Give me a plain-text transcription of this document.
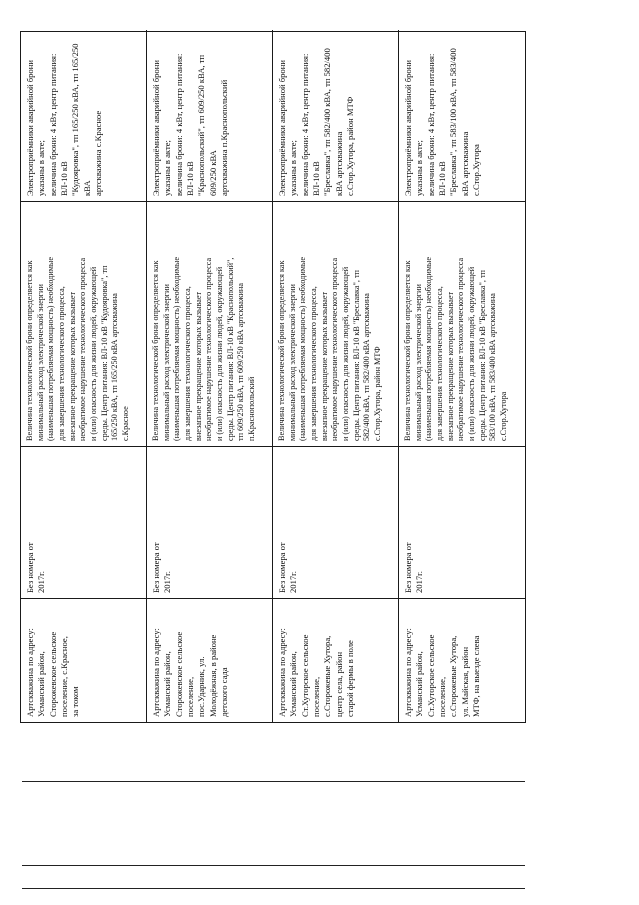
Артскважина по адресу:
Усманский район,
Сторожевское сельское
поселение, с.Красное,
за током
Без номера от
2017г.
Величина технологической брони определяется как
минимальный расход электрической энергии
(наименьшая потребляемая мощность) необходимые
для завершения технологического процесса,
внезапное прекращение которых вызывает
необратимое нарушение технологического процесса
и (или) опасность для жизни людей, окружающей
среды. Центр питания: ВЛ-10 кВ "Кудояровка", тп
165/250 кВА, тп 165/250 кВА артскважина
с.Красное
Электроприёмники аварийной брони указаны в акте;
величина брони: 4 кВт, центр питания: ВЛ-10 кВ
"Кудояровка", тп 165/250 кВА, тп 165/250 кВА
артскважина с.Красное
Артскважина по адресу:
Усманский район,
Сторожевское сельское
поселение,
пос.Ударник, ул.
Молодёжная, в районе
детского сада
Без номера от
2017г.
Величина технологической брони определяется как
минимальный расход электрической энергии
(наименьшая потребляемая мощность) необходимые
для завершения технологического процесса,
внезапное прекращение которых вызывает
необратимое нарушение технологического процесса
и (или) опасность для жизни людей, окружающей
среды. Центр питания: ВЛ-10 кВ "Краснопольский",
тп 609/250 кВА, тп 609/250 кВА артскважина
п.Краснопольский
Электроприёмники аварийной брони указаны в акте;
величина брони: 4 кВт, центр питания: ВЛ-10 кВ
"Краснопольский", тп 609/250 кВА, тп 609/250 кВА
артскважина п.Краснопольский
Артскважина по адресу:
Усманский район,
Ст.Хуторское сельское
поселение,
с.Сторожевые Хутора,
центр села, район
старой фермы в поле
Без номера от
2017г.
Величина технологической брони определяется как
минимальный расход электрической энергии
(наименьшая потребляемая мощность) необходимые
для завершения технологического процесса,
внезапное прекращение которых вызывает
необратимое нарушение технологического процесса
и (или) опасность для жизни людей, окружающей
среды. Центр питания: ВЛ-10 кВ "Бреславка", тп
582/400 кВА, тп 582/400 кВА артскважина
с.Стор.Хутора, район МТФ
Электроприёмники аварийной брони указаны в акте;
величина брони: 4 кВт, центр питания: ВЛ-10 кВ
"Бреславка", тп 582/400 кВА, тп 582/400 кВА артскважина
с.Стор.Хутора, район МТФ
Артскважина по адресу:
Усманский район,
Ст.Хуторское сельское
поселение,
с.Сторожевые Хутора,
ул. Майская, район
МТФ, на выезде слева
Без номера от
2017г.
Величина технологической брони определяется как
минимальный расход электрической энергии
(наименьшая потребляемая мощность) необходимые
для завершения технологического процесса,
внезапное прекращение которых вызывает
необратимое нарушение технологического процесса
и (или) опасность для жизни людей, окружающей
среды. Центр питания: ВЛ-10 кВ "Бреславка", тп
583/100 кВА, тп 583/400 кВА артскважина
с.Стор.Хутора
Электроприёмники аварийной брони указаны в акте;
величина брони: 4 кВт, центр питания: ВЛ-10 кВ
"Бреславка", тп 583/100 кВА, тп 583/400 кВА артскважина
с.Стор.Хутора
